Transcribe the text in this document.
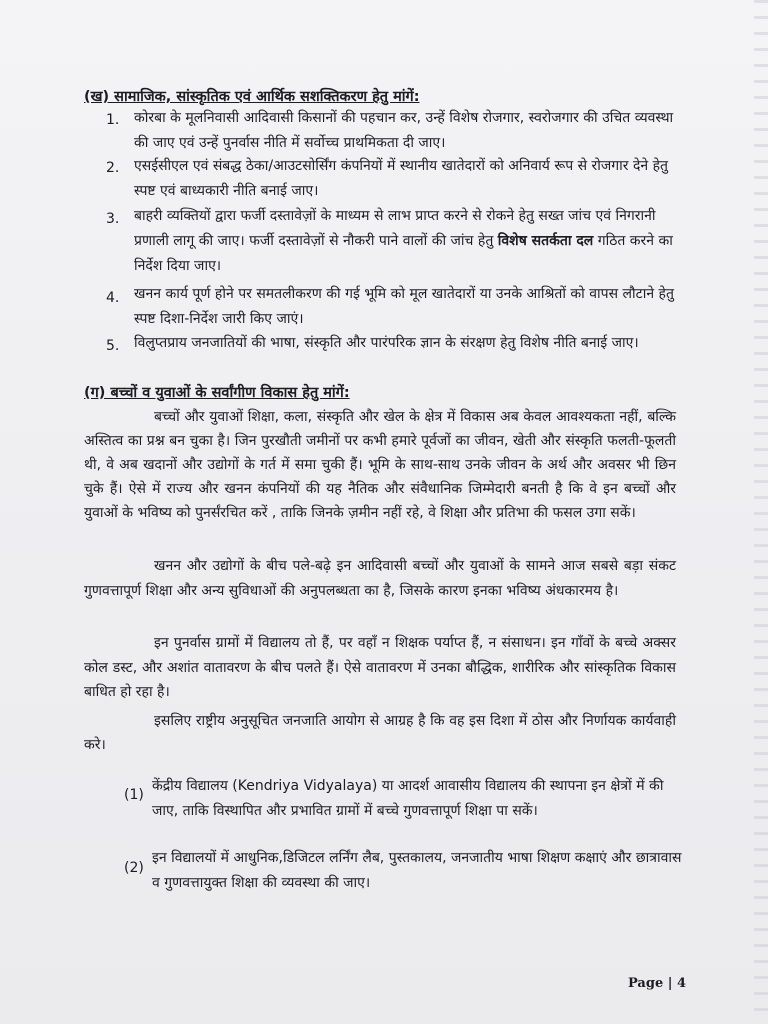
(ख) सामाजिक, सांस्कृतिक एवं आर्थिक सशक्तिकरण हेतु मांगें:
1. कोरबा के मूलनिवासी आदिवासी किसानों की पहचान कर, उन्हें विशेष रोजगार, स्वरोजगार की उचित व्यवस्था की जाए एवं उन्हें पुनर्वास नीति में सर्वोच्च प्राथमिकता दी जाए।
2. एसईसीएल एवं संबद्ध ठेका/आउटसोर्सिंग कंपनियों में स्थानीय खातेदारों को अनिवार्य रूप से रोजगार देने हेतु स्पष्ट एवं बाध्यकारी नीति बनाई जाए।
3. बाहरी व्यक्तियों द्वारा फर्जी दस्तावेज़ों के माध्यम से लाभ प्राप्त करने से रोकने हेतु सख्त जांच एवं निगरानी प्रणाली लागू की जाए। फर्जी दस्तावेज़ों से नौकरी पाने वालों की जांच हेतु विशेष सतर्कता दल गठित करने का निर्देश दिया जाए।
4. खनन कार्य पूर्ण होने पर समतलीकरण की गई भूमि को मूल खातेदारों या उनके आश्रितों को वापस लौटाने हेतु स्पष्ट दिशा-निर्देश जारी किए जाएं।
5. विलुप्तप्राय जनजातियों की भाषा, संस्कृति और पारंपरिक ज्ञान के संरक्षण हेतु विशेष नीति बनाई जाए।
(ग) बच्चों व युवाओं के सर्वांगीण विकास हेतु मांगें:
बच्चों और युवाओं शिक्षा, कला, संस्कृति और खेल के क्षेत्र में विकास अब केवल आवश्यकता नहीं, बल्कि अस्तित्व का प्रश्न बन चुका है। जिन पुरखौती जमीनों पर कभी हमारे पूर्वजों का जीवन, खेती और संस्कृति फलती-फूलती थी, वे अब खदानों और उद्योगों के गर्त में समा चुकी हैं। भूमि के साथ-साथ उनके जीवन के अर्थ और अवसर भी छिन चुके हैं। ऐसे में राज्य और खनन कंपनियों की यह नैतिक और संवैधानिक जिम्मेदारी बनती है कि वे इन बच्चों और युवाओं के भविष्य को पुनर्संरचित करें , ताकि जिनके ज़मीन नहीं रहे, वे शिक्षा और प्रतिभा की फसल उगा सकें।
खनन और उद्योगों के बीच पले-बढ़े इन आदिवासी बच्चों और युवाओं के सामने आज सबसे बड़ा संकट गुणवत्तापूर्ण शिक्षा और अन्य सुविधाओं की अनुपलब्धता का है, जिसके कारण इनका भविष्य अंधकारमय है।
इन पुनर्वास ग्रामों में विद्यालय तो हैं, पर वहाँ न शिक्षक पर्याप्त हैं, न संसाधन। इन गाँवों के बच्चे अक्सर कोल डस्ट, और अशांत वातावरण के बीच पलते हैं। ऐसे वातावरण में उनका बौद्धिक, शारीरिक और सांस्कृतिक विकास बाधित हो रहा है।
इसलिए राष्ट्रीय अनुसूचित जनजाति आयोग से आग्रह है कि वह इस दिशा में ठोस और निर्णायक कार्यवाही करे।
(1)
केंद्रीय विद्यालय (Kendriya Vidyalaya) या आदर्श आवासीय विद्यालय की स्थापना इन क्षेत्रों में की जाए, ताकि विस्थापित और प्रभावित ग्रामों में बच्चे गुणवत्तापूर्ण शिक्षा पा सकें।
(2)
इन विद्यालयों में आधुनिक,डिजिटल लर्निंग लैब, पुस्तकालय, जनजातीय भाषा शिक्षण कक्षाएं और छात्रावास व गुणवत्तायुक्त शिक्षा की व्यवस्था की जाए।
Page | 4
